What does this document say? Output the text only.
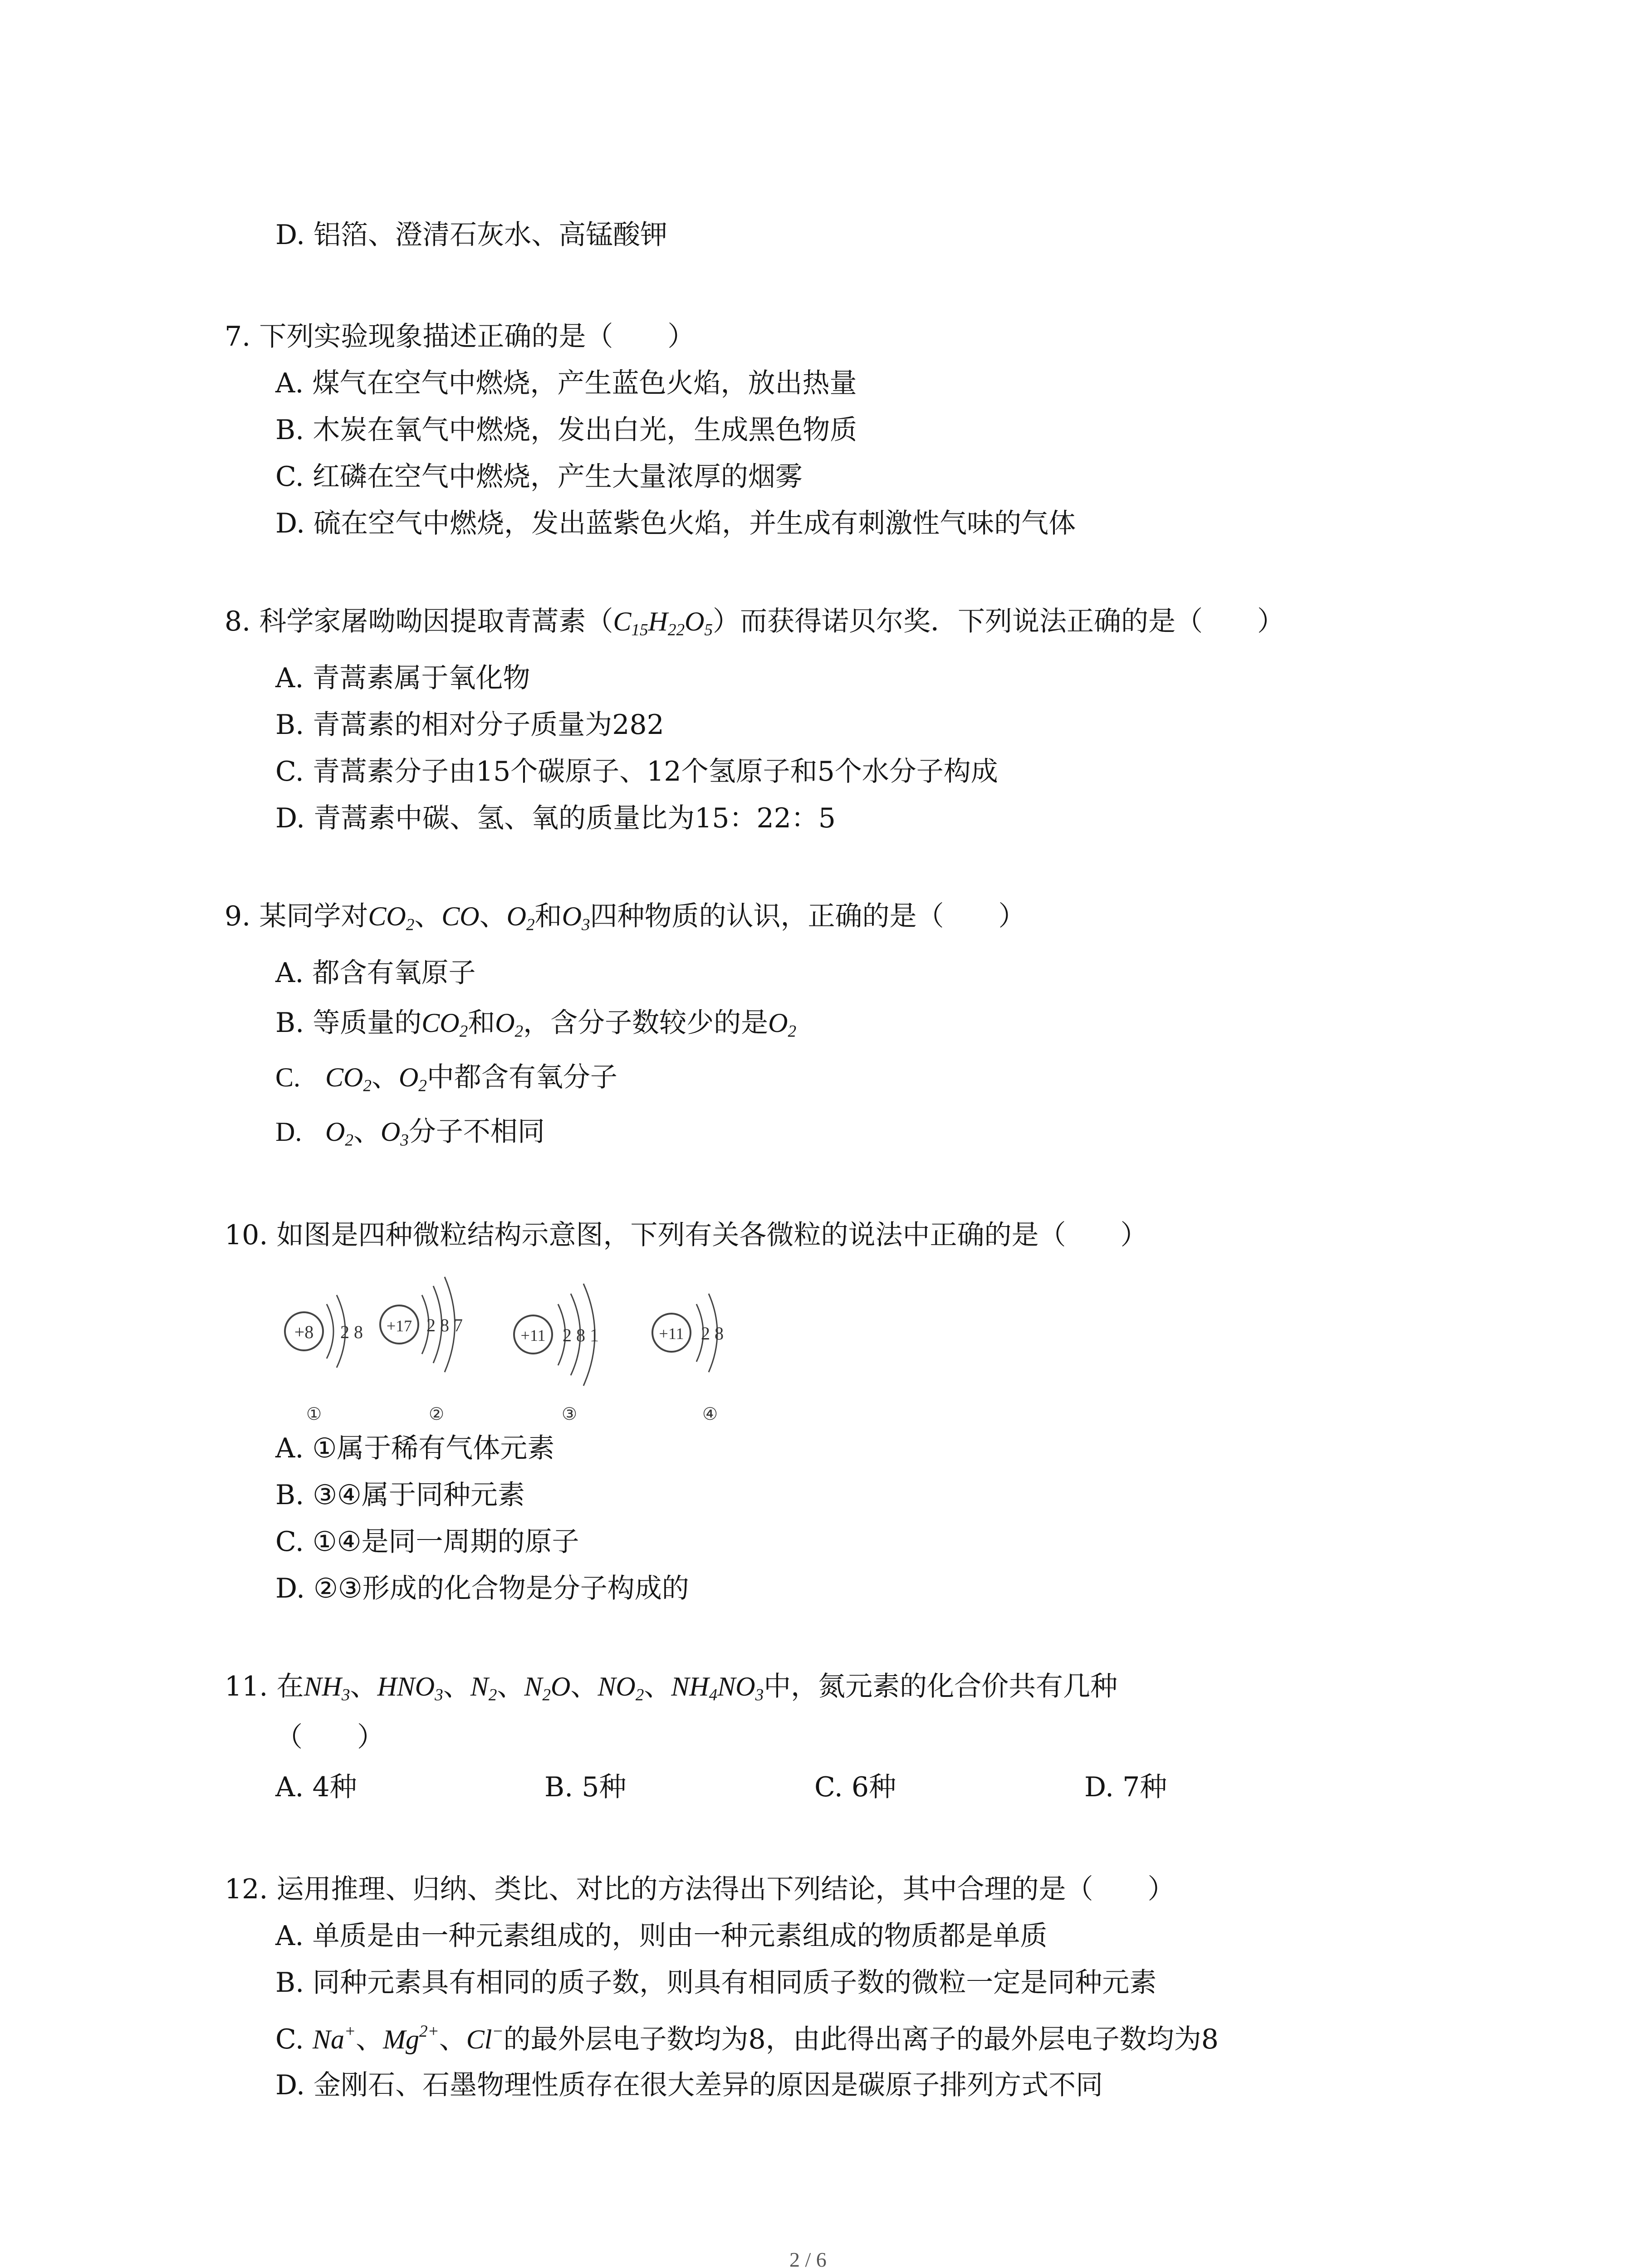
D. 铝箔、澄清石灰水、高锰酸钾
7. 下列实验现象描述正确的是（　　）
A. 煤气在空气中燃烧，产生蓝色火焰，放出热量
B. 木炭在氧气中燃烧，发出白光，生成黑色物质
C. 红磷在空气中燃烧，产生大量浓厚的烟雾
D. 硫在空气中燃烧，发出蓝紫色火焰，并生成有刺激性气味的气体
8. 科学家屠呦呦因提取青蒿素$(C_{15}H_{22}O_5)$而获得诺贝尔奖．下列说法正确的是（　　）
A. 青蒿素属于氧化物
B. 青蒿素的相对分子质量为282
C. 青蒿素分子由15个碳原子、12个氢原子和5个水分子构成
D. 青蒿素中碳、氢、氧的质量比为15：22：5
9. 某同学对$CO_2$、CO、$O_2$和$O_3$四种物质的认识，正确的是（　　）
A. 都含有氧原子
B. 等质量的$CO_2$和$O_2$，含分子数较少的是$O_2$
C. $CO_2$、$O_2$中都含有氧分子
D. $O_2$、$O_3$分子不相同
10. 如图是四种微粒结构示意图，下列有关各微粒的说法中正确的是（　　）
+8 2 8
①
+17 2 8 7
②
+11 2 8 1
③
+11 2 8
④
A. ①属于稀有气体元素
B. ③④属于同种元素
C. ①④是同一周期的原子
D. ②③形成的化合物是分子构成的
11. 在$NH_3$、$HNO_3$、$N_2$、$N_2O$、$NO_2$、$NH_4NO_3$中，氮元素的化合价共有几种
（　　）
A. 4种	B. 5种	C. 6种	D. 7种
12. 运用推理、归纳、类比、对比的方法得出下列结论，其中合理的是（　　）
A. 单质是由一种元素组成的，则由一种元素组成的物质都是单质
B. 同种元素具有相同的质子数，则具有相同质子数的微粒一定是同种元素
C. Na+、$Mg^{2+}$、Cl−的最外层电子数均为8，由此得出离子的最外层电子数均为8
D. 金刚石、石墨物理性质存在很大差异的原因是碳原子排列方式不同
2 / 6
